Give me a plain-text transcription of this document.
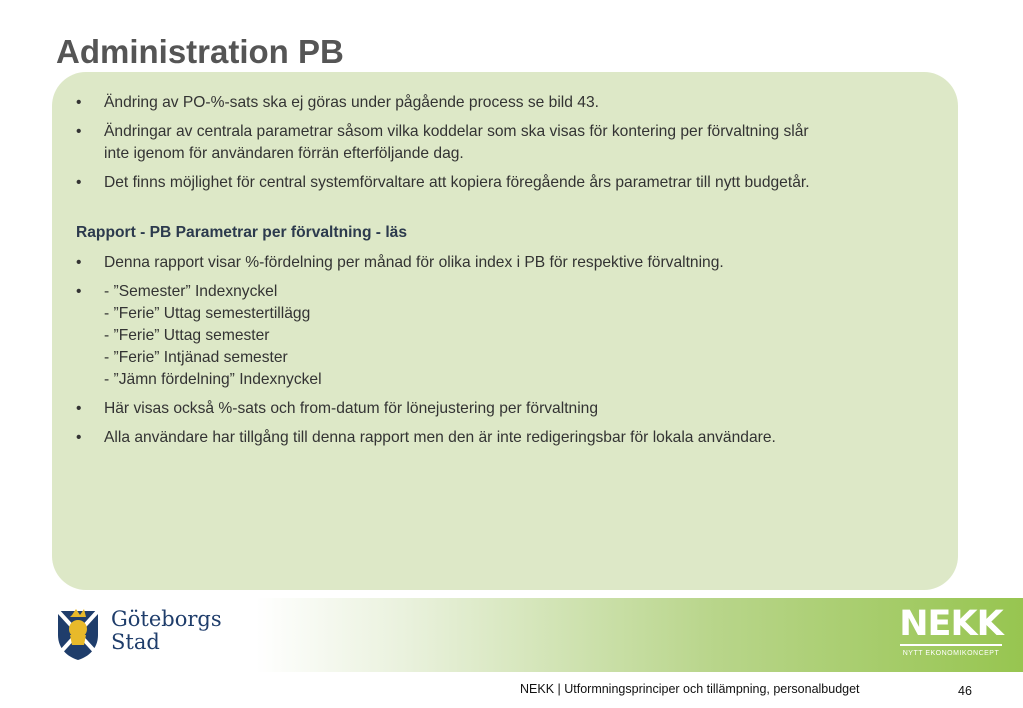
Administration PB
• Ändring av PO-%-sats ska ej göras under pågående process se bild 43.
• Ändringar av centrala parametrar såsom vilka koddelar som ska visas för kontering per förvaltning slår
inte igenom för användaren förrän efterföljande dag.
• Det finns möjlighet för central systemförvaltare att kopiera föregående års parametrar till nytt budgetår.
Rapport - PB Parametrar per förvaltning - läs
• Denna rapport visar %-fördelning per månad för olika index i PB för respektive förvaltning.
• - ”Semester” Indexnyckel
- ”Ferie” Uttag semestertillägg
- ”Ferie” Uttag semester
- ”Ferie” Intjänad semester
- ”Jämn fördelning” Indexnyckel
• Här visas också %-sats och from-datum för lönejustering per förvaltning
• Alla användare har tillgång till denna rapport men den är inte redigeringsbar för lokala användare.
Göteborgs
Stad	NEKK
NYTT EKONOMIKONCEPT
NEKK | Utformningsprinciper och tillämpning, personalbudget	46
